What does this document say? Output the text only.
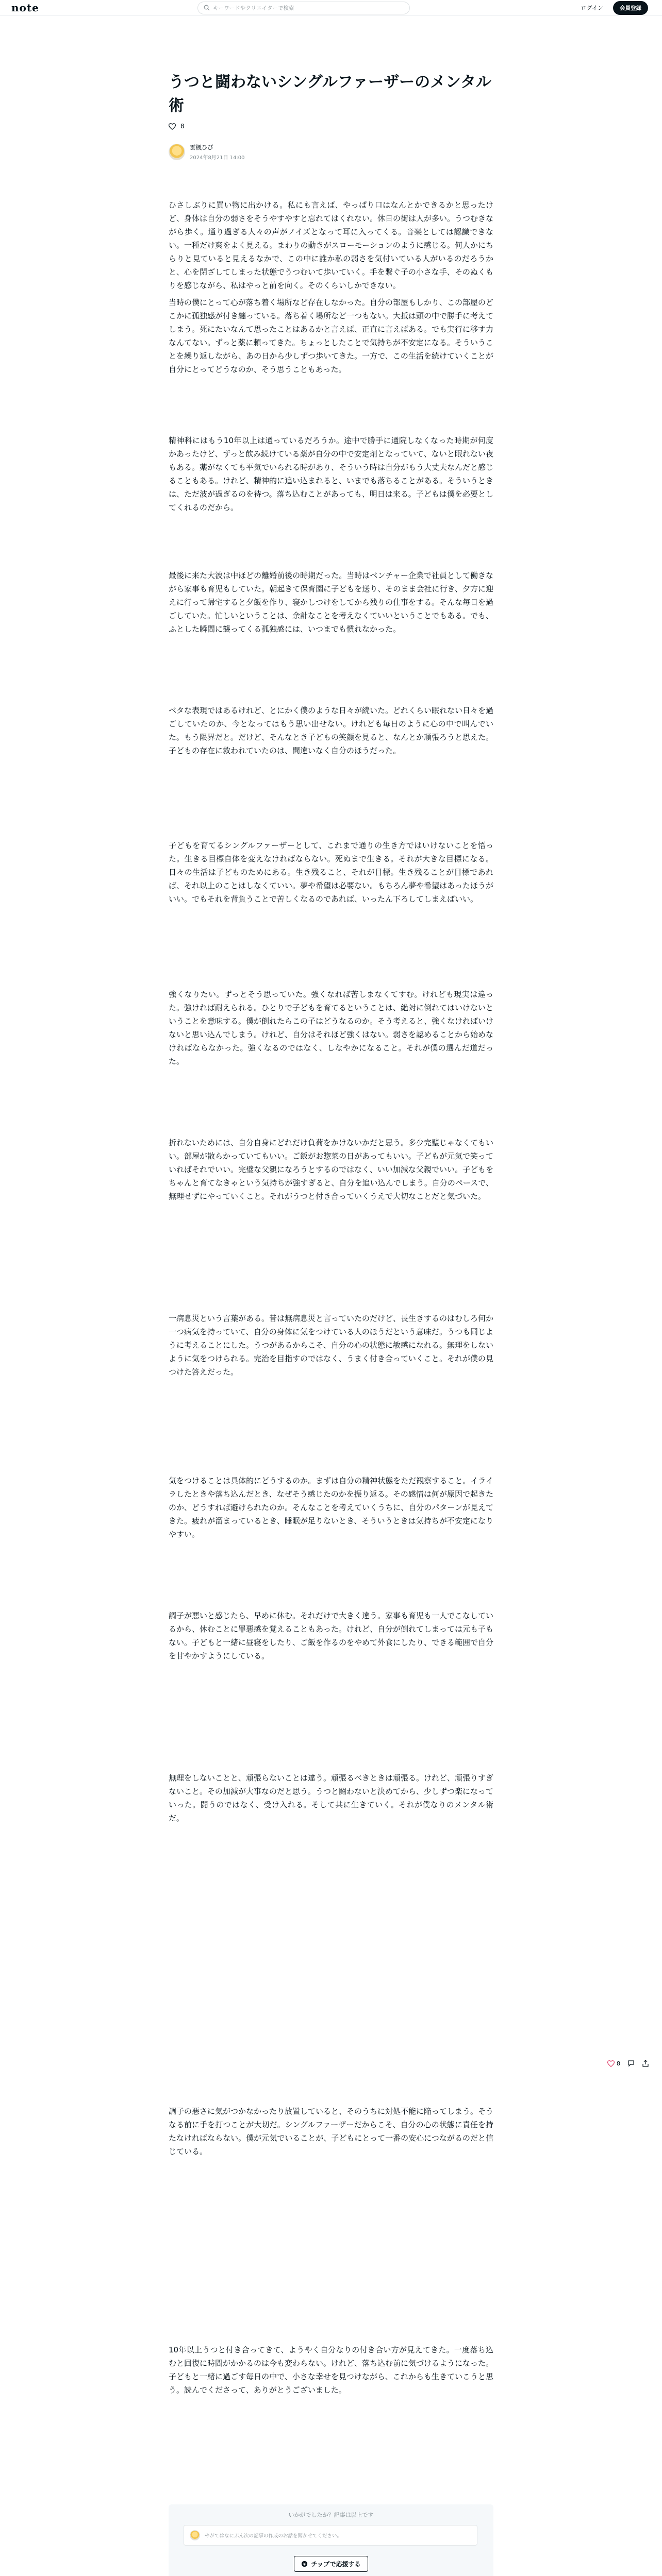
note	キーワードやクリエイターで検索	ログイン	会員登録
うつと闘わないシングルファーザーのメンタル術
8
雲楓ひび
2024年8月21日 14:00

ひさしぶりに買い物に出かける。私にも言えば、やっぱり口はなんとかできるかと思ったけど、身体は自分の弱さをそうやすやすと忘れてはくれない。休日の街は人が多い。うつむきながら歩く。通り過ぎる人々の声がノイズとなって耳に入ってくる。音楽としては認識できない。一種だけ爽をよく見える。まわりの動きがスローモーションのように感じる。何人かにちらりと見ていると見えるなかで、この中に誰か私の弱さを気付いている人がいるのだろうかと、心を閉ざしてしまった状態でうつむいて歩いていく。手を繋ぐ子の小さな手、そのぬくもりを感じながら、私はやっと前を向く。そのくらいしかできない。

当時の僕にとって心が落ち着く場所など存在しなかった。自分の部屋もしかり、この部屋のどこかに孤独感が付き纏っている。落ち着く場所など一つもない。大抵は頭の中で勝手に考えてしまう。死にたいなんて思ったことはあるかと言えば、正直に言えばある。でも実行に移す力なんてない。ずっと薬に頼ってきた。ちょっとしたことで気持ちが不安定になる。そういうことを繰り返しながら、あの日から少しずつ歩いてきた。一方で、この生活を続けていくことが自分にとってどうなのか、そう思うこともあった。

精神科にはもう10年以上は通っているだろうか。途中で勝手に通院しなくなった時期が何度かあったけど、ずっと飲み続けている薬が自分の中で安定剤となっていて、ないと眠れない夜もある。薬がなくても平気でいられる時があり、そういう時は自分がもう大丈夫なんだと感じることもある。けれど、精神的に追い込まれると、いまでも落ちることがある。そういうときは、ただ波が過ぎるのを待つ。落ち込むことがあっても、明日は来る。子どもは僕を必要としてくれるのだから。

最後に来た大波は中ほどの離婚前後の時期だった。当時はベンチャー企業で社員として働きながら家事も育児もしていた。朝起きて保育園に子どもを送り、そのまま会社に行き、夕方に迎えに行って帰宅すると夕飯を作り、寝かしつけをしてから残りの仕事をする。そんな毎日を過ごしていた。忙しいということは、余計なことを考えなくていいということでもある。でも、ふとした瞬間に襲ってくる孤独感には、いつまでも慣れなかった。

ベタな表現ではあるけれど、とにかく僕のような日々が続いた。どれくらい眠れない日々を過ごしていたのか、今となってはもう思い出せない。けれども毎日のように心の中で叫んでいた。もう限界だと。だけど、そんなとき子どもの笑顔を見ると、なんとか頑張ろうと思えた。子どもの存在に救われていたのは、間違いなく自分のほうだった。

子どもを育てるシングルファーザーとして、これまで通りの生き方ではいけないことを悟った。生きる目標自体を変えなければならない。死ぬまで生きる。それが大きな目標になる。日々の生活は子どものためにある。生き残ること、それが目標。生き残ることが目標であれば、それ以上のことはしなくていい。夢や希望は必要ない。もちろん夢や希望はあったほうがいい。でもそれを背負うことで苦しくなるのであれば、いったん下ろしてしまえばいい。

強くなりたい。ずっとそう思っていた。強くなれば苦しまなくてすむ。けれども現実は違った。強ければ耐えられる。ひとりで子どもを育てるということは、絶対に倒れてはいけないということを意味する。僕が倒れたらこの子はどうなるのか。そう考えると、強くなければいけないと思い込んでしまう。けれど、自分はそれほど強くはない。弱さを認めることから始めなければならなかった。強くなるのではなく、しなやかになること。それが僕の選んだ道だった。

折れないためには、自分自身にどれだけ負荷をかけないかだと思う。多少完璧じゃなくてもいい。部屋が散らかっていてもいい。ご飯がお惣菜の日があってもいい。子どもが元気で笑っていればそれでいい。完璧な父親になろうとするのではなく、いい加減な父親でいい。子どもをちゃんと育てなきゃという気持ちが強すぎると、自分を追い込んでしまう。自分のペースで、無理せずにやっていくこと。それがうつと付き合っていくうえで大切なことだと気づいた。

一病息災という言葉がある。昔は無病息災と言っていたのだけど、長生きするのはむしろ何か一つ病気を持っていて、自分の身体に気をつけている人のほうだという意味だ。うつも同じように考えることにした。うつがあるからこそ、自分の心の状態に敏感になれる。無理をしないように気をつけられる。完治を目指すのではなく、うまく付き合っていくこと。それが僕の見つけた答えだった。

気をつけることは具体的にどうするのか。まずは自分の精神状態をただ観察すること。イライラしたときや落ち込んだとき、なぜそう感じたのかを振り返る。その感情は何が原因で起きたのか、どうすれば避けられたのか。そんなことを考えていくうちに、自分のパターンが見えてきた。疲れが溜まっているとき、睡眠が足りないとき、そういうときは気持ちが不安定になりやすい。

調子が悪いと感じたら、早めに休む。それだけで大きく違う。家事も育児も一人でこなしているから、休むことに罪悪感を覚えることもあった。けれど、自分が倒れてしまっては元も子もない。子どもと一緒に昼寝をしたり、ご飯を作るのをやめて外食にしたり、できる範囲で自分を甘やかすようにしている。

無理をしないことと、頑張らないことは違う。頑張るべきときは頑張る。けれど、頑張りすぎないこと。その加減が大事なのだと思う。うつと闘わないと決めてから、少しずつ楽になっていった。闘うのではなく、受け入れる。そして共に生きていく。それが僕なりのメンタル術だ。

調子の悪さに気がつかなかったり放置していると、そのうちに対処不能に陥ってしまう。そうなる前に手を打つことが大切だ。シングルファーザーだからこそ、自分の心の状態に責任を持たなければならない。僕が元気でいることが、子どもにとって一番の安心につながるのだと信じている。

10年以上うつと付き合ってきて、ようやく自分なりの付き合い方が見えてきた。一度落ち込むと回復に時間がかかるのは今も変わらない。けれど、落ち込む前に気づけるようになった。子どもと一緒に過ごす毎日の中で、小さな幸せを見つけながら、これからも生きていこうと思う。読んでくださって、ありがとうございました。

8
いかがでしたか？記事は以上です
やがてはなにぶん次の記事の作成のお話を聞かせてください。
¥ チップで応援する
